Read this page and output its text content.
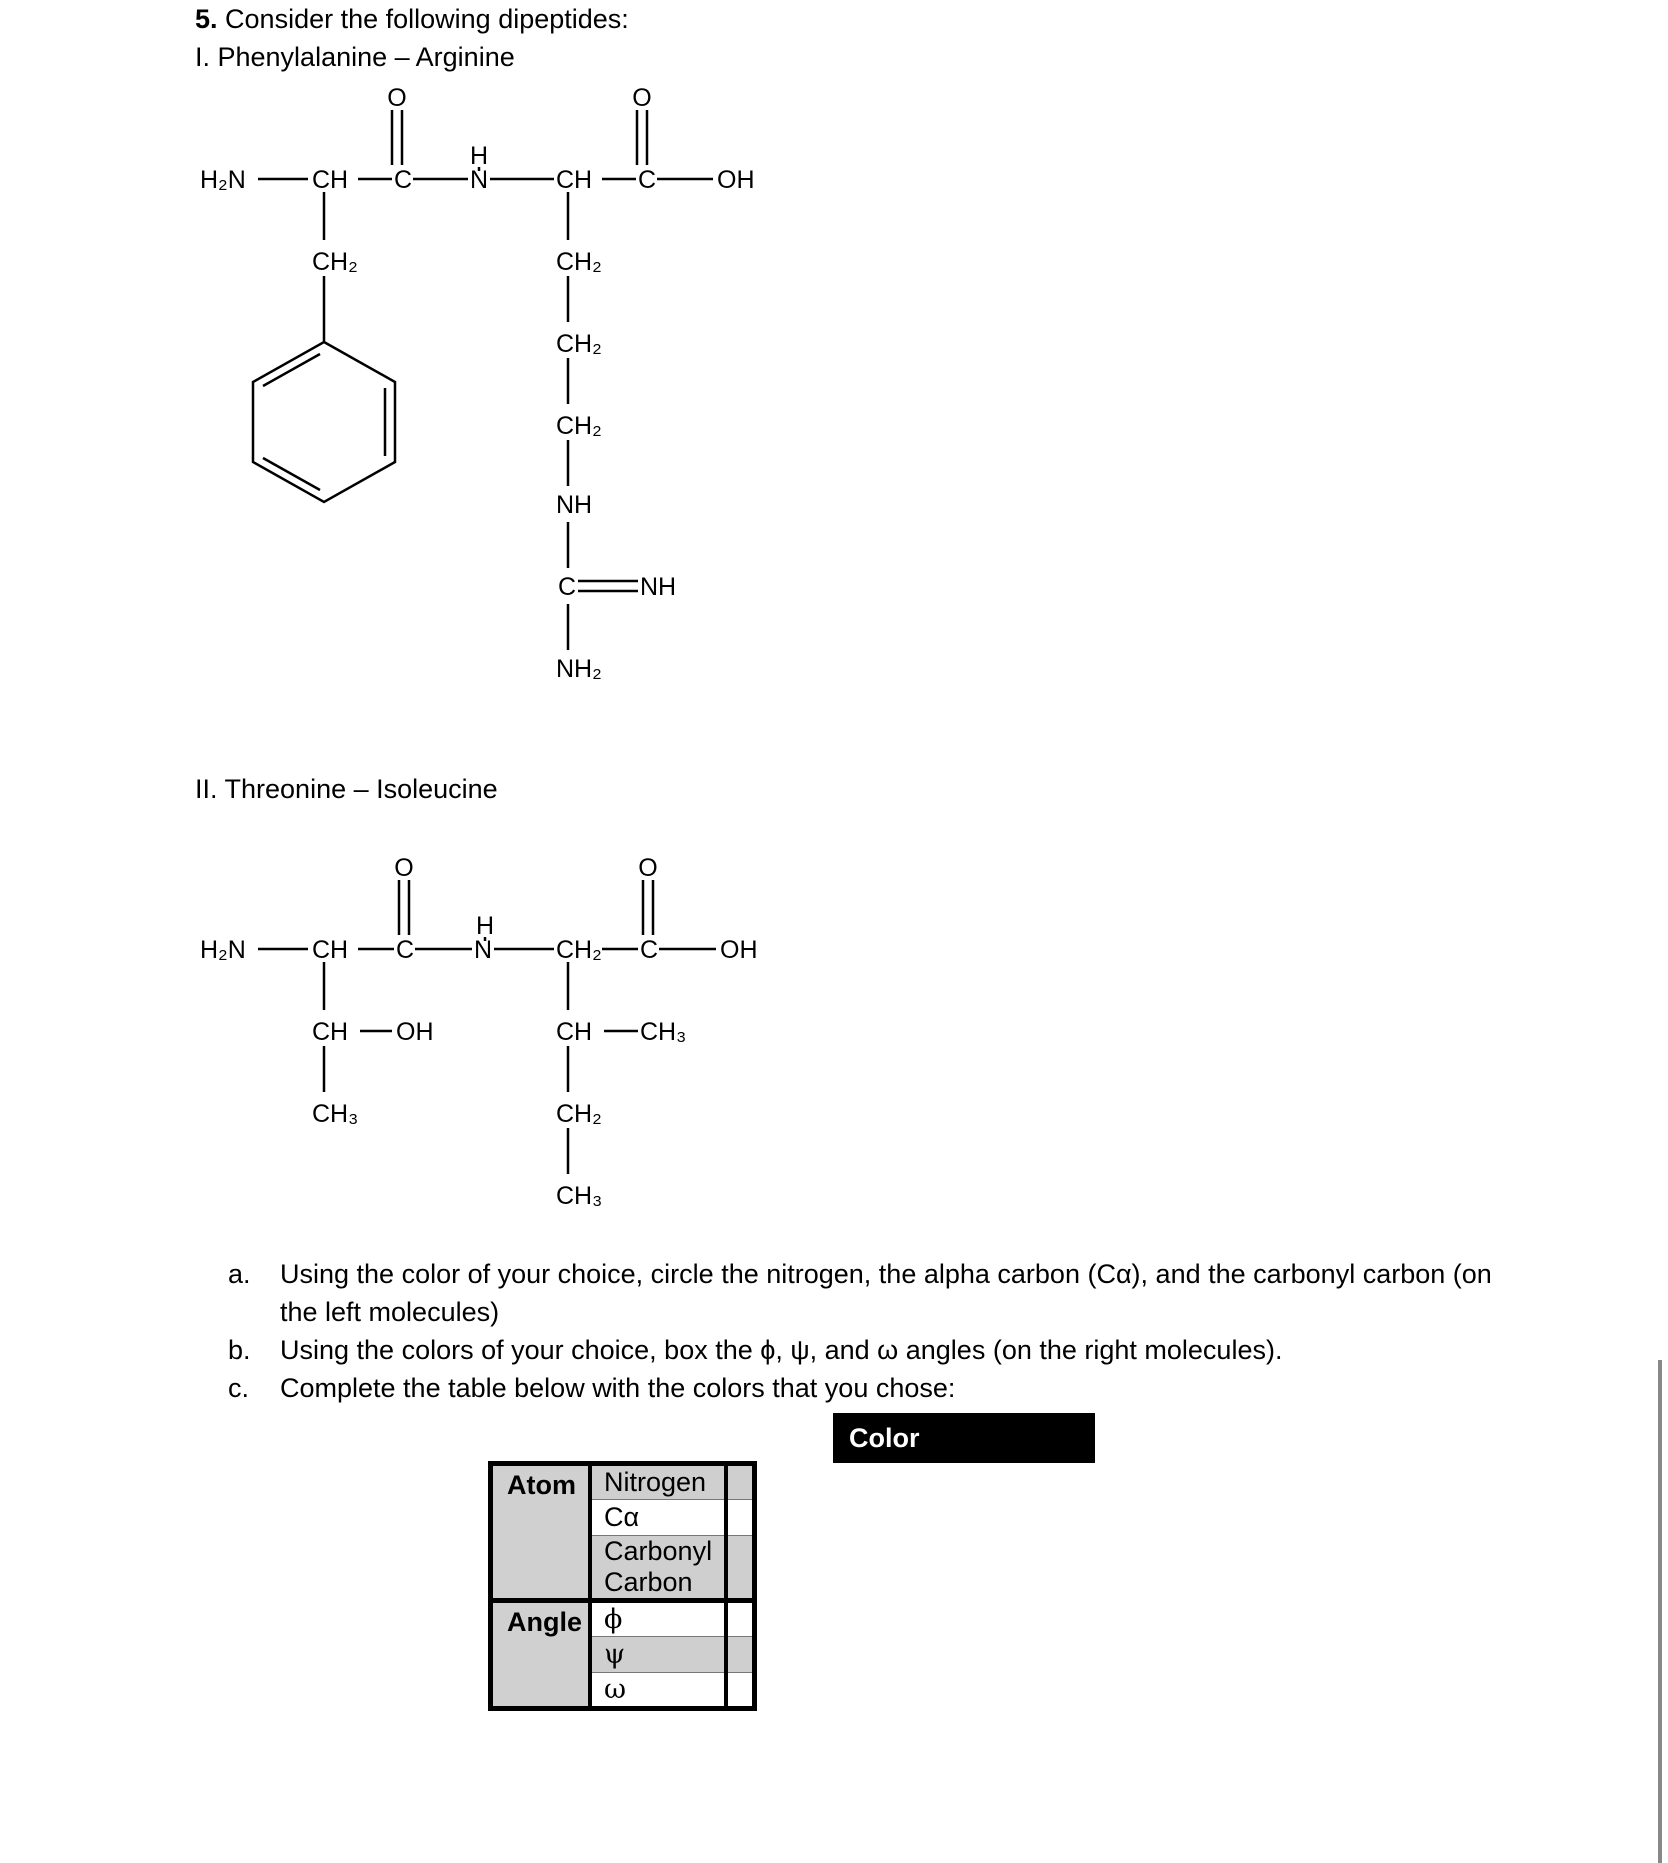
5. Consider the following dipeptides:
I. Phenylalanine – Arginine
II. Threonine – Isoleucine
O	O
H
H₂N	CH C N	CH C OH
CH₂	CH₂
CH₂
CH₂
NH
C	NH
NH₂
O	O
H
H₂N	CH C N	CH₂ C OH
CH OH
CH₃
CH CH₃
CH₂
CH₃
a.	Using the color of your choice, circle the nitrogen, the alpha carbon (Cα), and the carbonyl carbon (on the left molecules)
b.	Using the colors of your choice, box the ϕ, ψ, and ω angles (on the right molecules).
c.	Complete the table below with the colors that you chose:
Color
Atom	Nitrogen	
	Cα	
	Carbonyl Carbon	
Angle	ϕ	
	ψ	
	ω	
